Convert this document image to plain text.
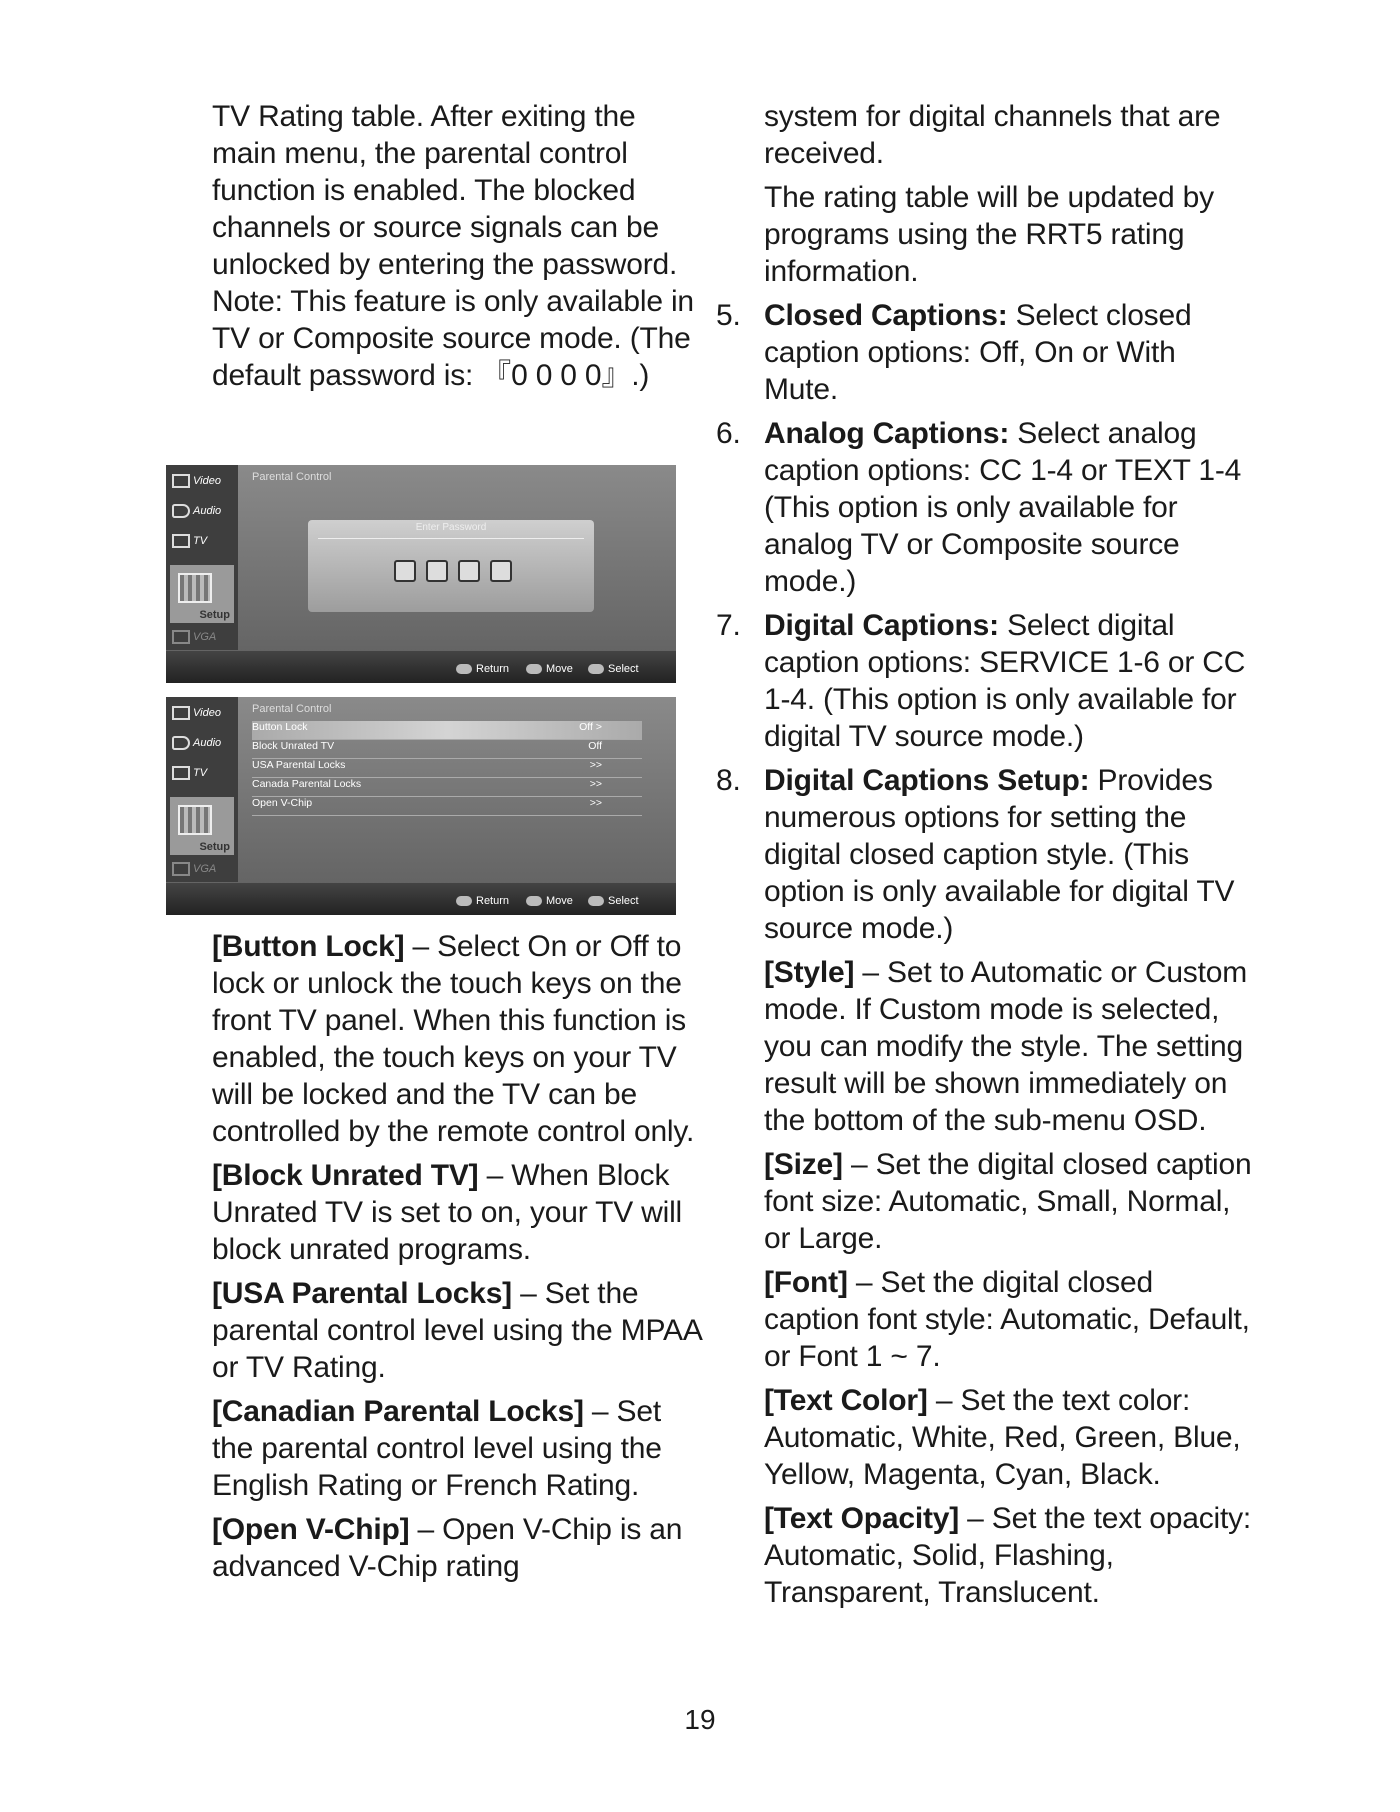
TV Rating table. After exiting the main menu, the parental control function is enabled. The blocked channels or source signals can be unlocked by entering the password. Note: This feature is only available in TV or Composite source mode. (The default password is: 『0 0 0 0』.)

Video
Audio
TV
Setup
VGA
Parental Control
Enter Password
Return	Move	Select
Video
Audio
TV
Setup
VGA
Parental Control
Button Lock	Off >
Block Unrated TV	Off
USA Parental Locks	>>
Canada Parental Locks	>>
Open V-Chip	>>
Return	Move	Select

[Button Lock] – Select On or Off to lock or unlock the touch keys on the front TV panel. When this function is enabled, the touch keys on your TV will be locked and the TV can be controlled by the remote control only.

[Block Unrated TV] – When Block Unrated TV is set to on, your TV will block unrated programs.

[USA Parental Locks] – Set the parental control level using the MPAA or TV Rating.

[Canadian Parental Locks] – Set the parental control level using the English Rating or French Rating.

[Open V-Chip] – Open V-Chip is an advanced V-Chip rating

system for digital channels that are received.

The rating table will be updated by programs using the RRT5 rating information.

5. Closed Captions: Select closed caption options: Off, On or With Mute.
6. Analog Captions: Select analog caption options: CC 1-4 or TEXT 1-4 (This option is only available for analog TV or Composite source mode.)
7. Digital Captions: Select digital caption options: SERVICE 1-6 or CC 1-4. (This option is only available for digital TV source mode.)
8. Digital Captions Setup: Provides numerous options for setting the digital closed caption style. (This option is only available for digital TV source mode.)

[Style] – Set to Automatic or Custom mode. If Custom mode is selected, you can modify the style. The setting result will be shown immediately on the bottom of the sub-menu OSD.

[Size] – Set the digital closed caption font size: Automatic, Small, Normal, or Large.

[Font] – Set the digital closed caption font style: Automatic, Default, or Font 1 ~ 7.

[Text Color] – Set the text color: Automatic, White, Red, Green, Blue, Yellow, Magenta, Cyan, Black.

[Text Opacity] – Set the text opacity: Automatic, Solid, Flashing, Transparent, Translucent.

19
